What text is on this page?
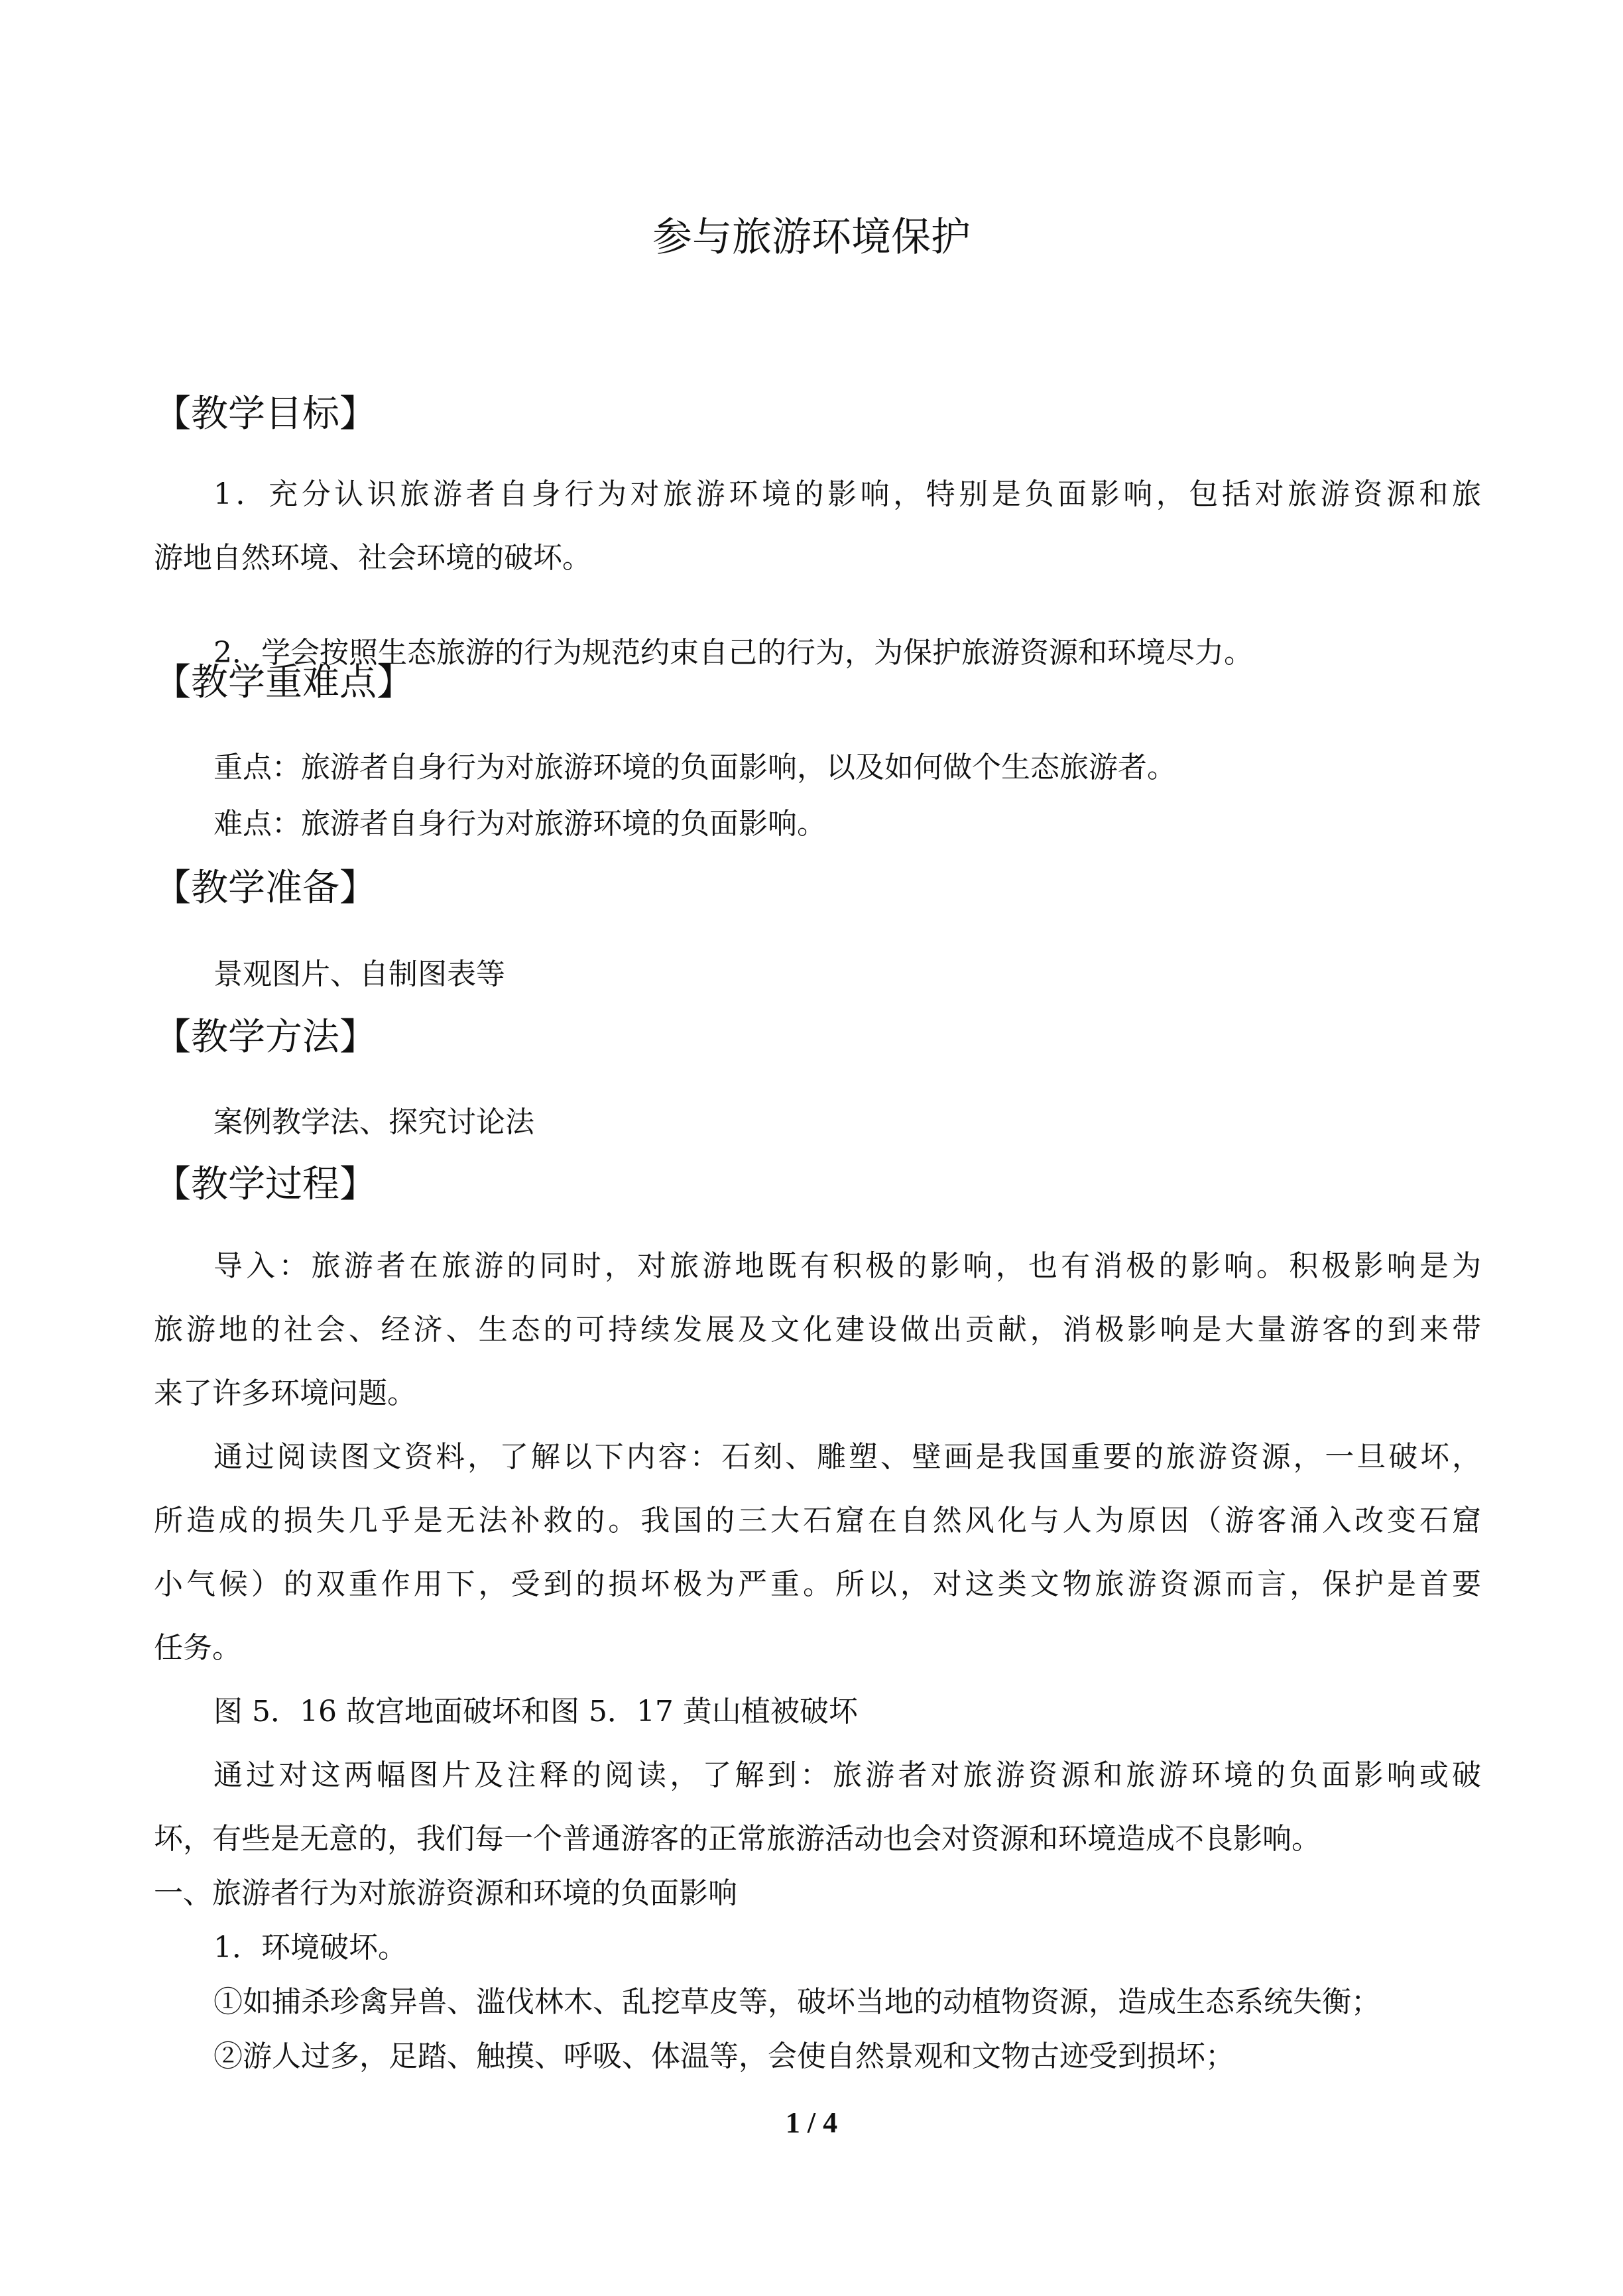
参与旅游环境保护
【教学目标】
1．充分认识旅游者自身行为对旅游环境的影响，特别是负面影响，包括对旅游资源和旅
游地自然环境、社会环境的破坏。
2．学会按照生态旅游的行为规范约束自己的行为，为保护旅游资源和环境尽力。
【教学重难点】
重点：旅游者自身行为对旅游环境的负面影响，以及如何做个生态旅游者。
难点：旅游者自身行为对旅游环境的负面影响。
【教学准备】
景观图片、自制图表等
【教学方法】
案例教学法、探究讨论法
【教学过程】
导入：旅游者在旅游的同时，对旅游地既有积极的影响，也有消极的影响。积极影响是为
旅游地的社会、经济、生态的可持续发展及文化建设做出贡献，消极影响是大量游客的到来带
来了许多环境问题。
通过阅读图文资料，了解以下内容：石刻、雕塑、壁画是我国重要的旅游资源，一旦破坏，
所造成的损失几乎是无法补救的。我国的三大石窟在自然风化与人为原因（游客涌入改变石窟
小气候）的双重作用下，受到的损坏极为严重。所以，对这类文物旅游资源而言，保护是首要
任务。
图 5．16 故宫地面破坏和图 5．17 黄山植被破坏
通过对这两幅图片及注释的阅读，了解到：旅游者对旅游资源和旅游环境的负面影响或破
坏，有些是无意的，我们每一个普通游客的正常旅游活动也会对资源和环境造成不良影响。
一、旅游者行为对旅游资源和环境的负面影响
1．环境破坏。
①如捕杀珍禽异兽、滥伐林木、乱挖草皮等，破坏当地的动植物资源，造成生态系统失衡；
②游人过多，足踏、触摸、呼吸、体温等，会使自然景观和文物古迹受到损坏；
1 / 4
